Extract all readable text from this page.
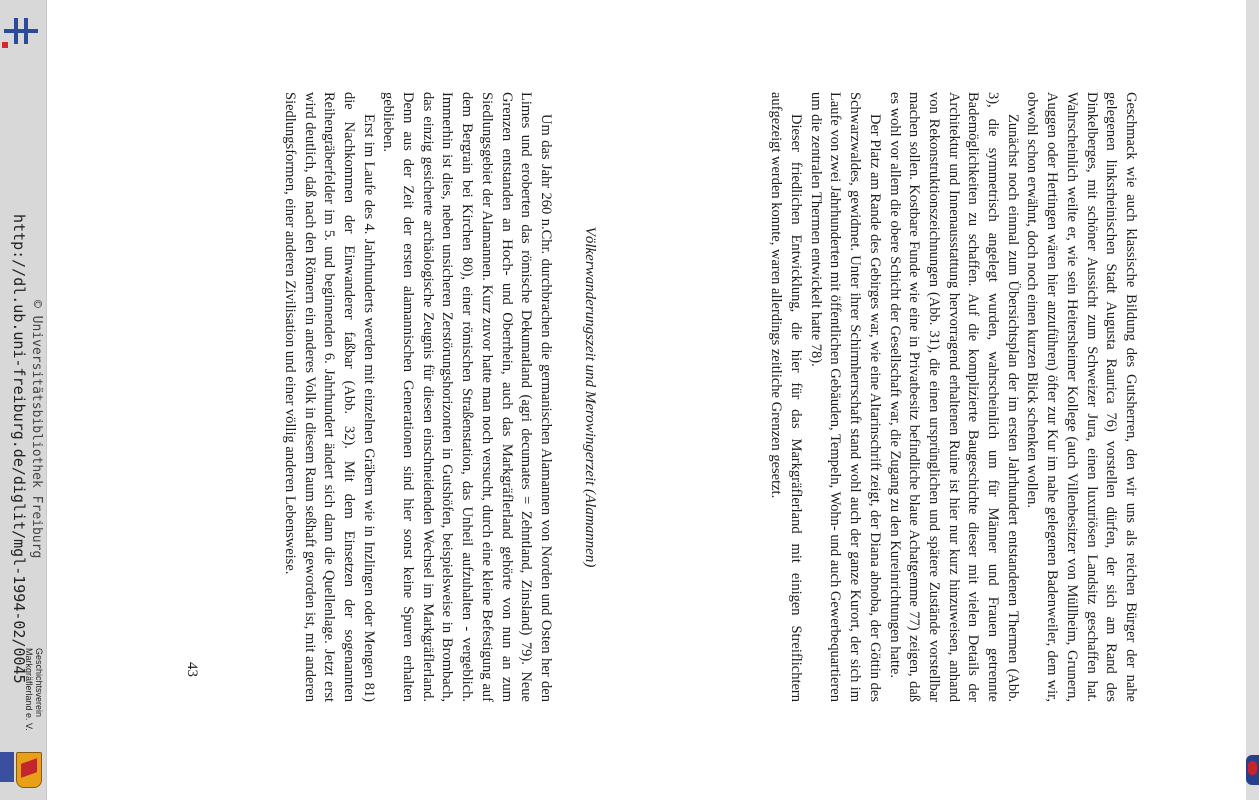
http://dl.ub.uni-freiburg.de/diglit/mgl-1994-02/0045 © Universitätsbibliothek Freiburg
Geschichtsverein
Markgräflerland e. V.	Geschmack wie auch klassische Bildung des Gutsherren, den wir uns als reichen Bürger der nahe gelegenen linksrheinischen Stadt Augusta Raurica 76) vorstellen dürfen, der sich am Rand des Dinkelberges, mit schöner Aussicht zum Schweizer Jura, einen luxuriösen Landsitz geschaffen hat. Wahrscheinlich weilte er, wie sein Heitersheimer Kollege (auch Villenbesitzer von Müllheim, Grunern, Auggen oder Hertingen wären hier anzuführen) öfter zur Kur im nahe gelegenen Badenweiler, dem wir, obwohl schon erwähnt, doch noch einen kurzen Blick schenken wollen.

Zunächst noch einmal zum Übersichtsplan der im ersten Jahrhundert entstandenen Thermen (Abb. 3), die symmetrisch angelegt wurden, wahrscheinlich um für Männer und Frauen getrennte Bademöglichkeiten zu schaffen. Auf die komplizierte Baugeschichte dieser mit vielen Details der Architektur und Innenausstattung hervorragend erhaltenen Ruine ist hier nur kurz hinzuweisen, anhand von Rekonstruktionszeichnungen (Abb. 31), die einen ursprünglichen und spätere Zustände vorstellbar machen sollen. Kostbare Funde wie eine in Privatbesitz befindliche blaue Achatgemme 77) zeigen, daß es wohl vor allem die obere Schicht der Gesellschaft war, die Zugang zu den Kureinrichtungen hatte.

Der Platz am Rande des Gebirges war, wie eine Altarinschrift zeigt, der Diana abnoba, der Göttin des Schwarzwaldes, gewidmet. Unter ihrer Schirmherrschaft stand wohl auch der ganze Kurort, der sich im Laufe von zwei Jahrhunderten mit öffentlichen Gebäuden, Tempeln, Wohn- und auch Gewerbequartieren um die zentralen Thermen entwickelt hatte 78).

Dieser friedlichen Entwicklung, die hier für das Markgräflerland mit einigen Streiflichtern aufgezeigt werden konnte, waren allerdings zeitliche Grenzen gesetzt.

Völkerwanderungszeit und Merowingerzeit (Alamannen)

Um das Jahr 260 n.Chr. durchbrachen die germanischen Alamannen von Norden und Osten her den Limes und eroberten das römische Dekumatland (agri decumates = Zehntland, Zinsland) 79). Neue Grenzen entstanden an Hoch- und Oberrhein, auch das Markgräflerland gehörte von nun an zum Siedlungsgebiet der Alamannen. Kurz zuvor hatte man noch versucht, durch eine kleine Befestigung auf dem Bergrain bei Kirchen 80), einer römischen Straßenstation, das Unheil aufzuhalten - vergeblich. Immerhin ist dies, neben unsicheren Zerstörungshorizonten in Gutshöfen, beispielsweise in Brombach, das einzig gesicherte archäologische Zeugnis für diesen einschneidenden Wechsel im Markgräflerland. Denn aus der Zeit der ersten alamannischen Generationen sind hier sonst keine Spuren erhalten geblieben.

Erst im Laufe des 4. Jahrhunderts werden mit einzelnen Gräbern wie in Inzlingen oder Mengen 81) die Nachkommen der Einwanderer faßbar (Abb. 32). Mit dem Einsetzen der sogenannten Reihengräberfelder im 5. und beginnenden 6. Jahrhundert ändert sich dann die Quellenlage. Jetzt erst wird deutlich, daß nach den Römern ein anderes Volk in diesem Raum seßhaft geworden ist, mit anderen Siedlungsformen, einer anderen Zivilisation und einer völlig anderen Lebensweise.

43
